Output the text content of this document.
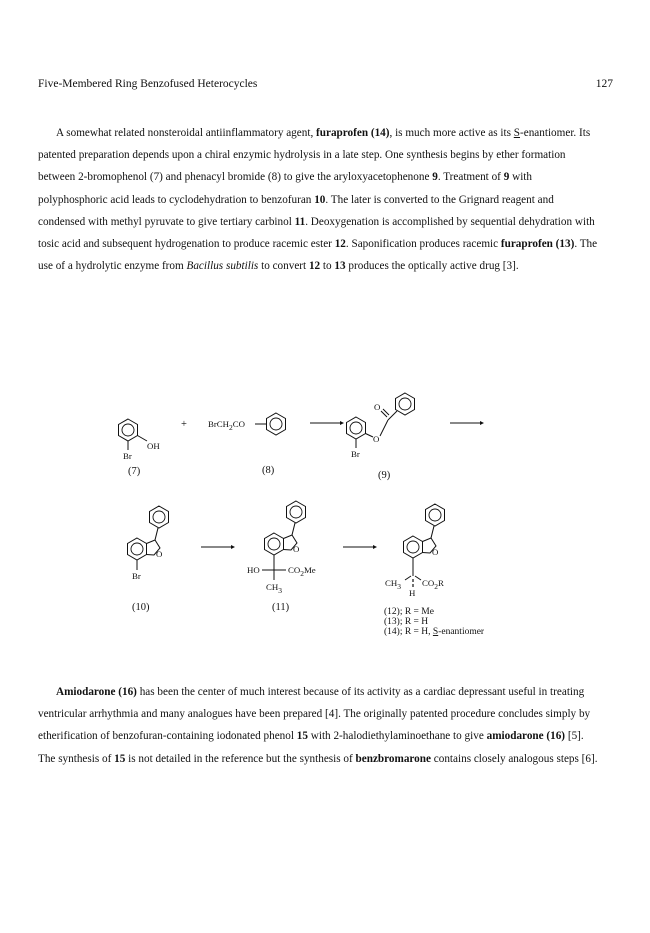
Five-Membered Ring Benzofused Heterocycles	127

A somewhat related nonsteroidal antiinflammatory agent, furaprofen (14), is much more active as its S-enantiomer. Its patented preparation depends upon a chiral enzymic hydrolysis in a late step. One synthesis begins by ether formation between 2-bromophenol (7) and phenacyl bromide (8) to give the aryloxyacetophenone 9. Treatment of 9 with polyphosphoric acid leads to cyclodehydration to benzofuran 10. The later is converted to the Grignard reagent and condensed with methyl pyruvate to give tertiary carbinol 11. Deoxygenation is accomplished by sequential dehydration with tosic acid and subsequent hydrogenation to produce racemic ester 12. Saponification produces racemic furaprofen (13). The use of a hydrolytic enzyme from Bacillus subtilis to convert 12 to 13 produces the optically active drug [3].

OH
Br
+ BrCH2CO
Br
O
O
(7)	(8)	(9)
O
Br
O
HO	CO2Me
CH3
O
CH3 CO2R
H
(10)	(11)	(12); R = Me
(13); R = H
(14); R = H, S-enantiomer

Amiodarone (16) has been the center of much interest because of its activity as a cardiac depressant useful in treating ventricular arrhythmia and many analogues have been prepared [4]. The originally patented procedure concludes simply by etherification of benzofuran-containing iodonated phenol 15 with 2-halodiethylaminoethane to give amiodarone (16) [5]. The synthesis of 15 is not detailed in the reference but the synthesis of benzbromarone contains closely analogous steps [6].
